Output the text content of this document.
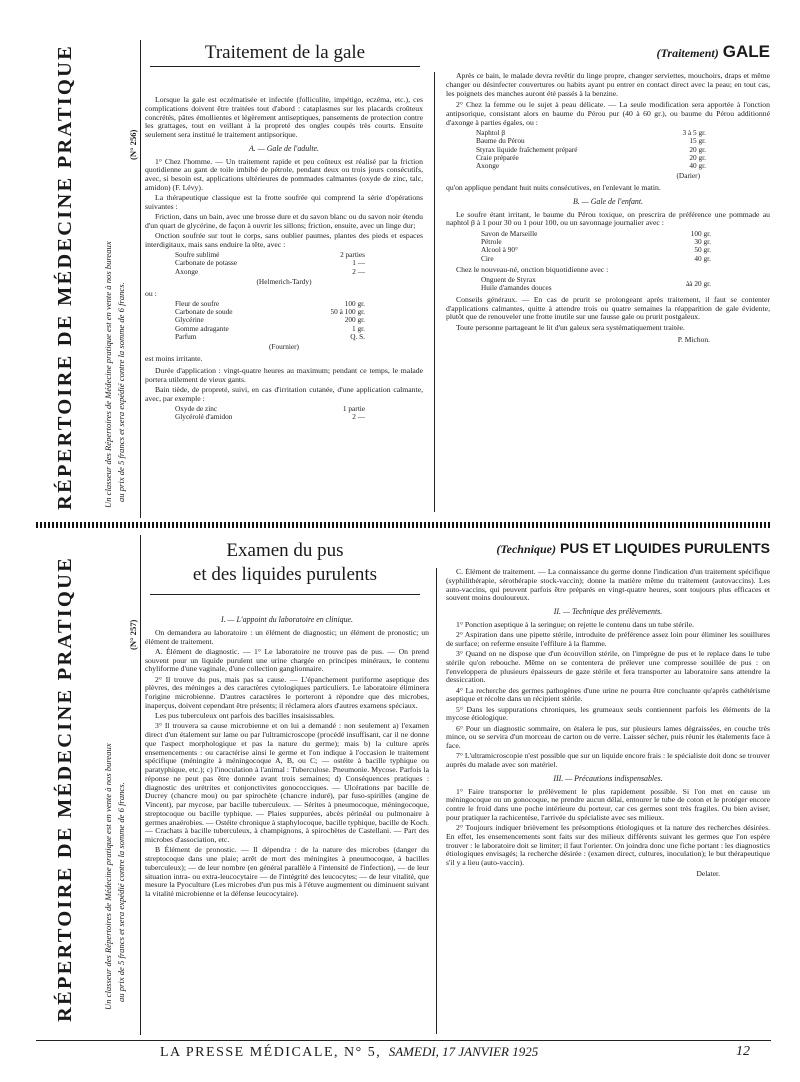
RÉPERTOIRE DE MÉDECINE PRATIQUE	Un classeur des Répertoires de Médecine pratique est en vente à nos bureaux au prix de 5 francs et sera expédié contre la somme de 6 francs.
(N° 256)
Traitement de la gale	(Traitement) GALE

Lorsque la gale est eczématisée et infectée (folliculite, impétigo, eczéma, etc.), ces complications doivent être traitées tout d'abord : cataplasmes sur les placards croûteux concrétés, pâtes émollientes et légèrement antiseptiques, pansements de protection contre les grattages, tout en veillant à la propreté des ongles coupés très courts. Ensuite seulement sera institué le traitement antipsorique.

A. — Gale de l'adulte.

1° Chez l'homme. — Un traitement rapide et peu coûteux est réalisé par la friction quotidienne au gant de toile imbibé de pétrole, pendant deux ou trois jours consécutifs, avec, si besoin est, applications ultérieures de pommades calmantes (oxyde de zinc, talc, amidon) (F. Lévy).

La thérapeutique classique est la frotte soufrée qui comprend la série d'opérations suivantes :

Friction, dans un bain, avec une brosse dure et du savon blanc ou du savon noir étendu d'un quart de glycérine, de façon à ouvrir les sillons; friction, ensuite, avec un linge dur;

Onction soufrée sur tout le corps, sans oublier paumes, plantes des pieds et espaces interdigitaux, mais sans enduire la tête, avec :

Soufre sublimé	2 parties
Carbonate de potasse	1 —
Axonge	2 —
(Helmerich-Tardy)

ou :

Fleur de soufre	100 gr.
Carbonate de soude	50 à 100 gr.
Glycérine	200 gr.
Gomme adragante	1 gr.
Parfum	Q. S.
(Fournier)

est moins irritante.

Durée d'application : vingt-quatre heures au maximum; pendant ce temps, le malade portera utilement de vieux gants.

Bain tiède, de propreté, suivi, en cas d'irritation cutanée, d'une application calmante, avec, par exemple :

Oxyde de zinc	1 partie
Glycérolé d'amidon	2 —

Après ce bain, le malade devra revêtir du linge propre, changer serviettes, mouchoirs, draps et même changer ou désinfecter couvertures ou habits ayant pu entrer en contact direct avec la peau; en tout cas, les poignets des manches auront été passés à la benzine.

2° Chez la femme ou le sujet à peau délicate. — La seule modification sera apportée à l'onction antipsorique, consistant alors en baume du Pérou pur (40 à 60 gr.), ou baume du Pérou additionné d'axonge à parties égales, ou :

Naphtol β	3 à 5 gr.
Baume du Pérou	15 gr.
Styrax liquide fraîchement préparé	20 gr.
Craie préparée	20 gr.
Axonge	40 gr.
(Darier)

qu'on applique pendant huit nuits consécutives, en l'enlevant le matin.

B. — Gale de l'enfant.

Le soufre étant irritant, le baume du Pérou toxique, on prescrira de préférence une pommade au naphtol β à 1 pour 30 ou 1 pour 100, ou un savonnage journalier avec :

Savon de Marseille	100 gr.
Pétrole	30 gr.
Alcool à 90°	50 gr.
Cire	40 gr.

Chez le nouveau-né, onction biquotidienne avec :

Onguent de Styrax	àà 20 gr.
Huile d'amandes douces

Conseils généraux. — En cas de prurit se prolongeant après traitement, il faut se contenter d'applications calmantes, quitte à attendre trois ou quatre semaines la réapparition de gale évidente, plutôt que de renouveler une frotte inutile sur une fausse gale ou prurit postgaleux.

Toute personne partageant le lit d'un galeux sera systématiquement traitée.

P. Michon.
RÉPERTOIRE DE MÉDECINE PRATIQUE	Un classeur des Répertoires de Médecine pratique est en vente à nos bureaux au prix de 5 francs et sera expédié contre la somme de 6 francs.
(N° 257)
Examen du pus
et des liquides purulents
(Technique) PUS ET LIQUIDES PURULENTS
I. — L'appoint du laboratoire en clinique.

On demandera au laboratoire : un élément de diagnostic; un élément de pronostic; un élément de traitement.

A. Élément de diagnostic. — 1° Le laboratoire ne trouve pas de pus. — On prend souvent pour un liquide purulent une urine chargée en principes minéraux, le contenu chyliforme d'une vaginale, d'une collection ganglionnaire.

2° Il trouve du pus, mais pas sa cause. — L'épanchement puriforme aseptique des plèvres, des méninges a des caractères cytologiques particuliers. Le laboratoire éliminera l'origine microbienne. D'autres caractères le porteront à répondre que des microbes, inaperçus, doivent cependant être présents; il réclamera alors d'autres examens spéciaux.

Les pus tuberculeux ont parfois des bacilles insaisissables.

3° Il trouvera sa cause microbienne et on lui a demandé : non seulement a) l'examen direct d'un étalement sur lame ou par l'ultramicroscope (procédé insuffisant, car il ne donne que l'aspect morphologique et pas la nature du germe); mais b) la culture après ensemencements : ou caractérise ainsi le germe et l'on indique à l'occasion le traitement spécifique (méningite à méningocoque A, B, ou C; — ostéite à bacille typhique ou paratyphique, etc.); c) l'inoculation à l'animal : Tuberculose. Pneumonie. Mycose. Parfois la réponse ne peut pas être donnée avant trois semaines; d) Conséquences pratiques : diagnostic des urétrites et conjonctivites gonococciques. — Ulcérations par bacille de Ducrey (chancre mou) ou par spirochète (chancre induré), par fuso-spirilles (angine de Vincent), par mycose, par bacille tuberculeux. — Sérites à pneumocoque, méningocoque, streptocoque ou bacille typhique. — Plaies suppurées, abcès périnéal ou pulmonaire à germes anaérobies. — Ostéite chronique à staphylocoque, bacille typhique, bacille de Koch. — Crachats à bacille tuberculeux, à champignons, à spirochètes de Castellani. — Part des microbes d'association, etc.

B Élément de pronostic. — Il dépendra : de la nature des microbes (danger du streptocoque dans une plaie; arrêt de mort des méningites à pneumocoque, à bacilles tuberculeux); — de leur nombre (en général parallèle à l'intensité de l'infection), — de leur situation intra- ou extra-leucocytaire — de l'intégrité des leucocytes; — de leur vitalité, que mesure la Pyoculture (Les microbes d'un pus mis à l'étuve augmentent ou diminuent suivant la vitalité microbienne et la défense leucocytaire).

C. Élément de traitement. — La connaissance du germe donne l'indication d'un traitement spécifique (syphilithérapie, sérothérapie stock-vaccin); donne la matière même du traitement (autovaccins). Les auto-vaccins, qui peuvent parfois être préparés en vingt-quatre heures, sont toujours plus efficaces et souvent moins douloureux.

II. — Technique des prélèvements.

1° Ponction aseptique à la seringue; on rejette le contenu dans un tube stérile.

2° Aspiration dans une pipette stérile, introduite de préférence assez loin pour éliminer les souillures de surface; on referme ensuite l'effilure à la flamme.

3° Quand on ne dispose que d'un écouvillon stérile, on l'imprègne de pus et le replace dans le tube stérile qu'on rebouche. Même on se contentera de prélever une compresse souillée de pus : on l'enveloppera de plusieurs épaisseurs de gaze stérile et fera transporter au laboratoire sans attendre la dessiccation.

4° La recherche des germes pathogènes d'une urine ne pourra être concluante qu'après cathétérisme aseptique et récolte dans un récipient stérile.

5° Dans les suppurations chroniques, les grumeaux seuls contiennent parfois les éléments de la mycose étiologique.

6° Pour un diagnostic sommaire, on étalera le pus, sur plusieurs lames dégraissées, en couche très mince, ou se servira d'un morceau de carton ou de verre. Laisser sécher, puis réunir les étalements face à face.

7° L'ultramicroscopie n'est possible que sur un liquide encore frais : le spécialiste doit donc se trouver auprès du malade avec son matériel.

III. — Précautions indispensables.

1° Faire transporter le prélèvement le plus rapidement possible. Si l'on met en cause un méningocoque ou un gonocoque, ne prendre aucun délai, entourer le tube de coton et le protéger encore contre le froid dans une poche intérieure du porteur, car ces germes sont très fragiles. Ou bien aviser, pour pratiquer la rachicentèse, l'arrivée du spécialiste avec ses milieux.

2° Toujours indiquer brièvement les présomptions étiologiques et la nature des recherches désirées. En effet, les ensemencements sont faits sur des milieux différents suivant les germes que l'on espère trouver : le laboratoire doit se limiter; il faut l'orienter. On joindra donc une fiche portant : les diagnostics étiologiques envisagés; la recherche désirée : (examen direct, cultures, inoculation); le but thérapeutique s'il y a lieu (auto-vaccin).

Delater.
LA PRESSE MÉDICALE, N° 5, SAMEDI, 17 JANVIER 1925	12
